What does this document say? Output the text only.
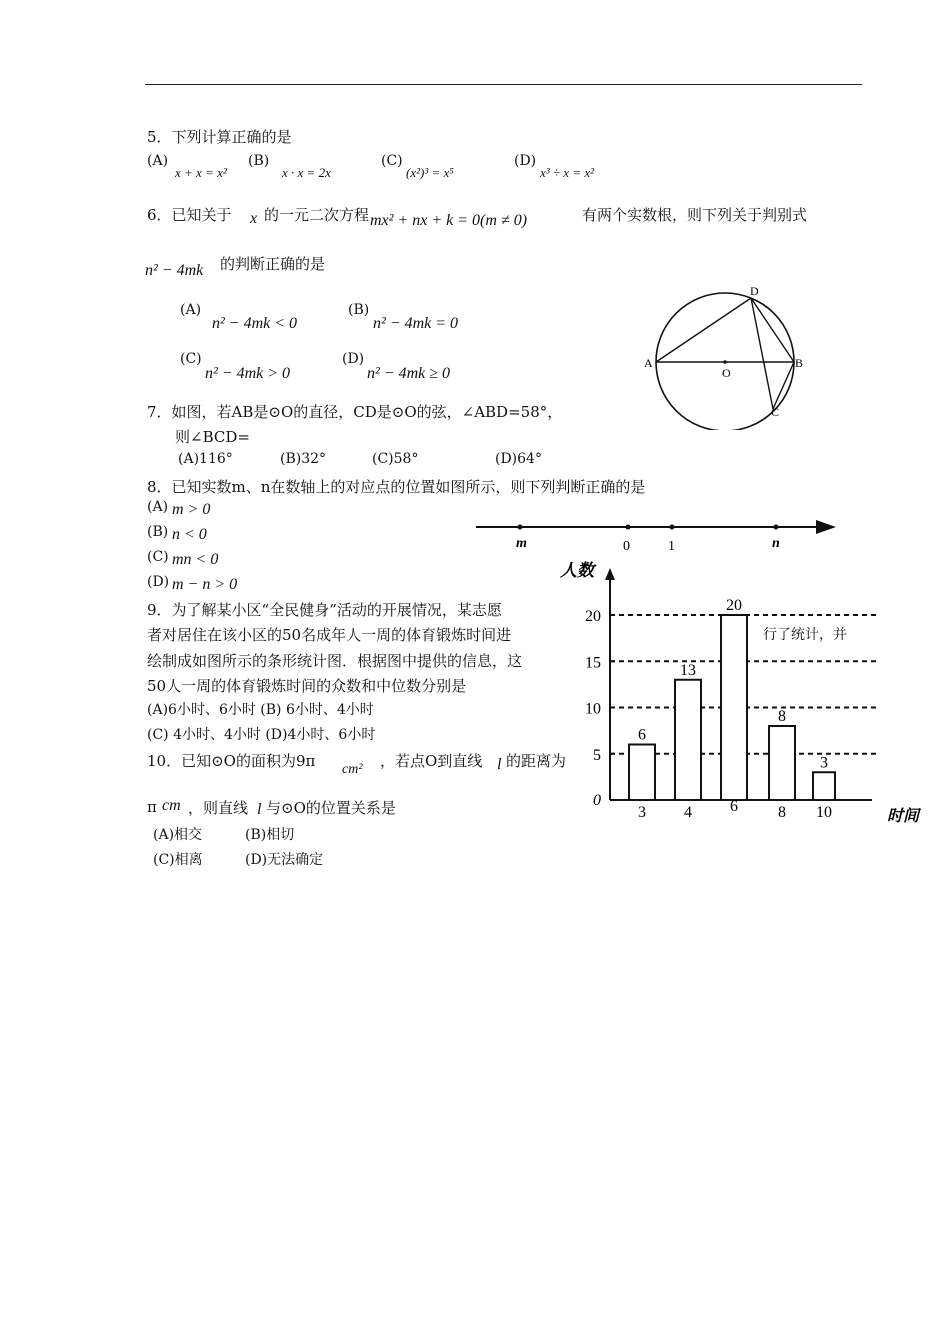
5．下列计算正确的是
(A)
x + x = x²
(B)
x · x = 2x
(C)
(x²)³ = x⁵
(D)
x³ ÷ x = x²
6．已知关于 x 的一元二次方程 mx² + nx + k = 0(m ≠ 0)	有两个实数根，则下列关于判别式
n² − 4mk 的判断正确的是
(A)
n² − 4mk < 0
(B)
n² − 4mk = 0
(C)
n² − 4mk > 0
(D)
n² − 4mk ≥ 0
D
A	B
O
C
7．如图，若AB是⊙O的直径，CD是⊙O的弦，∠ABD=58°，
则∠BCD=
(A)116°	(B)32°	(C)58°	(D)64°
8．已知实数m、n在数轴上的对应点的位置如图所示，则下列判断正确的是
(A) m > 0
(B) n < 0
(C) mn < 0
(D) m − n > 0
m	0	1	n
9．为了解某小区“全民健身”活动的开展情况，某志愿
者对居住在该小区的50名成年人一周的体育锻炼时间进	行了统计，并
绘制成如图所示的条形统计图．根据图中提供的信息，这
50人一周的体育锻炼时间的众数和中位数分别是
(A)6小时、6小时 (B) 6小时、4小时
(C) 4小时、4小时 (D)4小时、6小时
人数
时间
0
5
10
15
20
6
3
13
4
20
6
8
8
3
10
10．已知⊙O的面积为9π cm² ，若点O到直线 l 的距离为
π cm ，则直线 l 与⊙O的位置关系是
(A)相交	(B)相切
(C)相离	(D)无法确定
